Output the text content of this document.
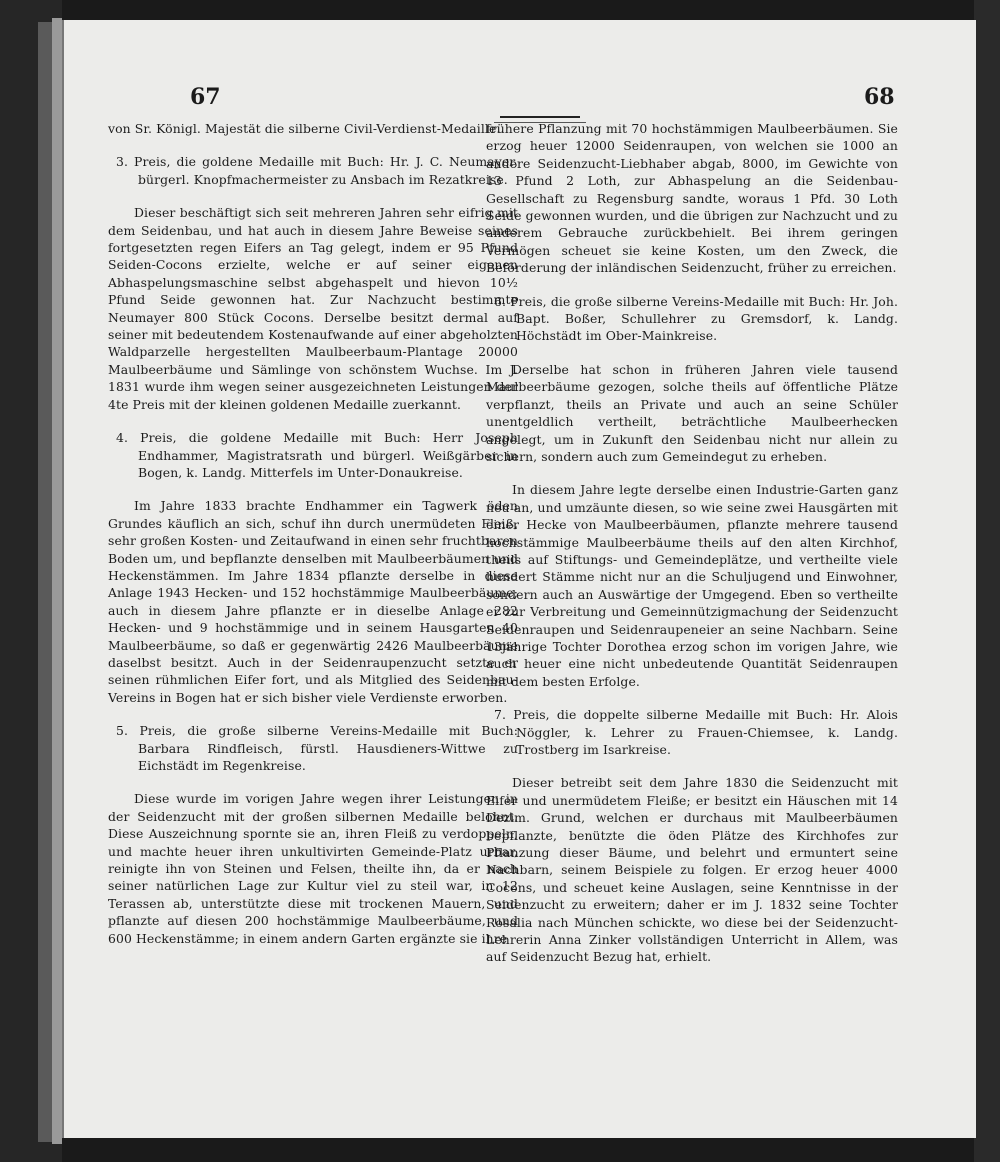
67	68

von Sr. Königl. Majestät die silberne Civil-Verdienst-Medaille.

3. Preis, die goldene Medaille mit Buch: Hr. J. C. Neumayer, bürgerl. Knopfmachermeister zu Ansbach im Rezatkreise.

Dieser beschäftigt sich seit mehreren Jahren sehr eifrig mit dem Seidenbau, und hat auch in diesem Jahre Beweise seines fortgesetzten regen Eifers an Tag gelegt, indem er 95 Pfund Seiden-Cocons erzielte, welche er auf seiner eigenen Abhaspelungsmaschine selbst abgehaspelt und hievon 10½ Pfund Seide gewonnen hat. Zur Nachzucht bestimmte Neumayer 800 Stück Cocons. Derselbe besitzt dermal auf seiner mit bedeutendem Kostenaufwande auf einer abgeholzten Waldparzelle hergestellten Maulbeerbaum-Plantage 20000 Maulbeerbäume und Sämlinge von schönstem Wuchse. Im J. 1831 wurde ihm wegen seiner ausgezeichneten Leistungen der 4te Preis mit der kleinen goldenen Medaille zuerkannt.

4. Preis, die goldene Medaille mit Buch: Herr Joseph Endhammer, Magistratsrath und bürgerl. Weißgärber in Bogen, k. Landg. Mitterfels im Unter-Donaukreise.

Im Jahre 1833 brachte Endhammer ein Tagwerk öden Grundes käuflich an sich, schuf ihn durch unermüdeten Fleiß, sehr großen Kosten- und Zeitaufwand in einen sehr fruchtbaren Boden um, und bepflanzte denselben mit Maulbeerbäumen und Heckenstämmen. Im Jahre 1834 pflanzte derselbe in diese Anlage 1943 Hecken- und 152 hochstämmige Maulbeerbäume; auch in diesem Jahre pflanzte er in dieselbe Anlage 282 Hecken- und 9 hochstämmige und in seinem Hausgarten 40 Maulbeerbäume, so daß er gegenwärtig 2426 Maulbeerbäume daselbst besitzt. Auch in der Seidenraupenzucht setzte er seinen rühmlichen Eifer fort, und als Mitglied des Seidenbau-Vereins in Bogen hat er sich bisher viele Verdienste erworben.

5. Preis, die große silberne Vereins-Medaille mit Buch: Barbara Rindfleisch, fürstl. Hausdieners-Wittwe zu Eichstädt im Regenkreise.

Diese wurde im vorigen Jahre wegen ihrer Leistungen in der Seidenzucht mit der großen silbernen Medaille belohnt. Diese Auszeichnung spornte sie an, ihren Fleiß zu verdoppeln, und machte heuer ihren unkultivirten Gemeinde-Platz urbar, reinigte ihn von Steinen und Felsen, theilte ihn, da er nach seiner natürlichen Lage zur Kultur viel zu steil war, in 12 Terassen ab, unterstützte diese mit trockenen Mauern, und pflanzte auf diesen 200 hochstämmige Maulbeerbäume, und 600 Heckenstämme; in einem andern Garten ergänzte sie ihre

frühere Pflanzung mit 70 hochstämmigen Maulbeerbäumen. Sie erzog heuer 12000 Seidenraupen, von welchen sie 1000 an andere Seidenzucht-Liebhaber abgab, 8000, im Gewichte von 13 Pfund 2 Loth, zur Abhaspelung an die Seidenbau-Gesellschaft zu Regensburg sandte, woraus 1 Pfd. 30 Loth Seide gewonnen wurden, und die übrigen zur Nachzucht und zu anderem Gebrauche zurückbehielt. Bei ihrem geringen Vermögen scheuet sie keine Kosten, um den Zweck, die Beförderung der inländischen Seidenzucht, früher zu erreichen.

6. Preis, die große silberne Vereins-Medaille mit Buch: Hr. Joh. Bapt. Boßer, Schullehrer zu Gremsdorf, k. Landg. Höchstädt im Ober-Mainkreise.

Derselbe hat schon in früheren Jahren viele tausend Maulbeerbäume gezogen, solche theils auf öffentliche Plätze verpflanzt, theils an Private und auch an seine Schüler unentgeldlich vertheilt, beträchtliche Maulbeerhecken angelegt, um in Zukunft den Seidenbau nicht nur allein zu sichern, sondern auch zum Gemeindegut zu erheben.

In diesem Jahre legte derselbe einen Industrie-Garten ganz neu an, und umzäunte diesen, so wie seine zwei Hausgärten mit einer Hecke von Maulbeerbäumen, pflanzte mehrere tausend hochstämmige Maulbeerbäume theils auf den alten Kirchhof, theils auf Stiftungs- und Gemeindeplätze, und vertheilte viele hundert Stämme nicht nur an die Schuljugend und Einwohner, sondern auch an Auswärtige der Umgegend. Eben so vertheilte er zur Verbreitung und Gemeinnützigmachung der Seidenzucht Seidenraupen und Seidenraupeneier an seine Nachbarn. Seine 13jährige Tochter Dorothea erzog schon im vorigen Jahre, wie auch heuer eine nicht unbedeutende Quantität Seidenraupen mit dem besten Erfolge.

7. Preis, die doppelte silberne Medaille mit Buch: Hr. Alois Nöggler, k. Lehrer zu Frauen-Chiemsee, k. Landg. Trostberg im Isarkreise.

Dieser betreibt seit dem Jahre 1830 die Seidenzucht mit Eifer und unermüdetem Fleiße; er besitzt ein Häuschen mit 14 Dezim. Grund, welchen er durchaus mit Maulbeerbäumen bepflanzte, benützte die öden Plätze des Kirchhofes zur Pflanzung dieser Bäume, und belehrt und ermuntert seine Nachbarn, seinem Beispiele zu folgen. Er erzog heuer 4000 Cocons, und scheuet keine Auslagen, seine Kenntnisse in der Seidenzucht zu erweitern; daher er im J. 1832 seine Tochter Rosalia nach München schickte, wo diese bei der Seidenzucht-Lehrerin Anna Zinker vollständigen Unterricht in Allem, was auf Seidenzucht Bezug hat, erhielt.
